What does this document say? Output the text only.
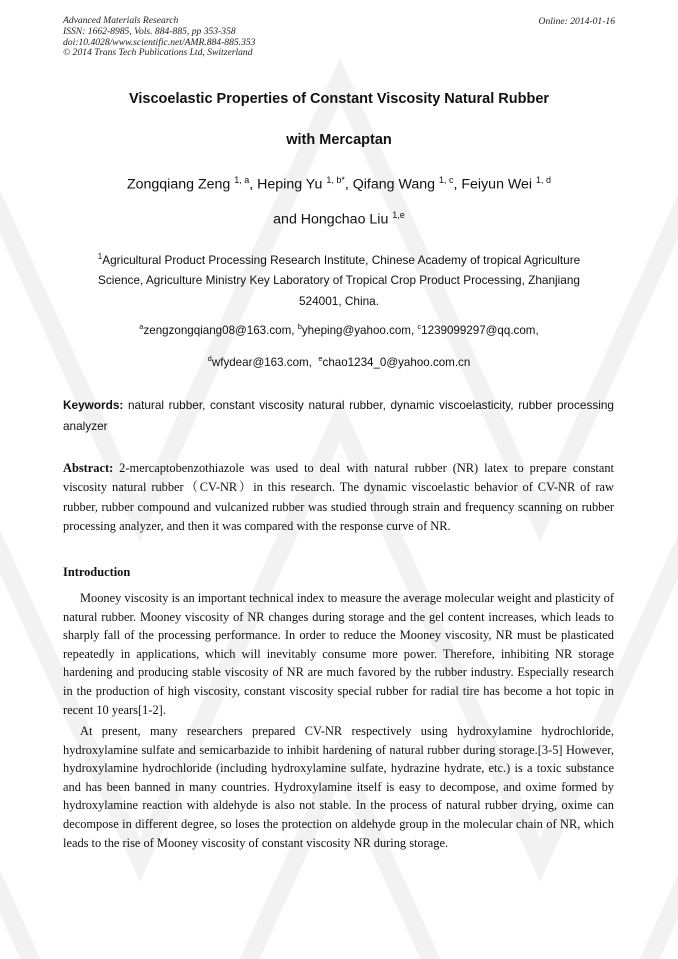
Advanced Materials Research
ISSN: 1662-8985, Vols. 884-885, pp 353-358
doi:10.4028/www.scientific.net/AMR.884-885.353
© 2014 Trans Tech Publications Ltd, Switzerland
Online: 2014-01-16
Viscoelastic Properties of Constant Viscosity Natural Rubber
with Mercaptan
Zongqiang Zeng $^{1, a}$, Heping Yu $^{1, b*}$, Qifang Wang $^{1, c}$, Feiyun Wei $^{1, d}$
and Hongchao Liu $^{1,e}$
$^1$Agricultural Product Processing Research Institute, Chinese Academy of tropical Agriculture
Science, Agriculture Ministry Key Laboratory of Tropical Crop Product Processing, Zhanjiang
524001, China.
$^a$zengzongqiang08@163.com, $^b$yheping@yahoo.com, $^c$1239099297@qq.com,
$^d$wfydear@163.com,  $^e$chao1234_0@yahoo.com.cn
Keywords: natural rubber, constant viscosity natural rubber, dynamic viscoelasticity, rubber processing analyzer
Abstract: 2-mercaptobenzothiazole was used to deal with natural rubber (NR) latex to prepare constant viscosity natural rubber（CV-NR）in this research. The dynamic viscoelastic behavior of CV-NR of raw rubber, rubber compound and vulcanized rubber was studied through strain and frequency scanning on rubber processing analyzer, and then it was compared with the response curve of NR.
Introduction
Mooney viscosity is an important technical index to measure the average molecular weight and plasticity of natural rubber. Mooney viscosity of NR changes during storage and the gel content increases, which leads to sharply fall of the processing performance. In order to reduce the Mooney viscosity, NR must be plasticated repeatedly in applications, which will inevitably consume more power. Therefore, inhibiting NR storage hardening and producing stable viscosity of NR are much favored by the rubber industry. Especially research in the production of high viscosity, constant viscosity special rubber for radial tire has become a hot topic in recent 10 years[1-2].
At present, many researchers prepared CV-NR respectively using hydroxylamine hydrochloride, hydroxylamine sulfate and semicarbazide to inhibit hardening of natural rubber during storage.[3-5] However, hydroxylamine hydrochloride (including hydroxylamine sulfate, hydrazine hydrate, etc.) is a toxic substance and has been banned in many countries. Hydroxylamine itself is easy to decompose, and oxime formed by hydroxylamine reaction with aldehyde is also not stable. In the process of natural rubber drying, oxime can decompose in different degree, so loses the protection on aldehyde group in the molecular chain of NR, which leads to the rise of Mooney viscosity of constant viscosity NR during storage.
